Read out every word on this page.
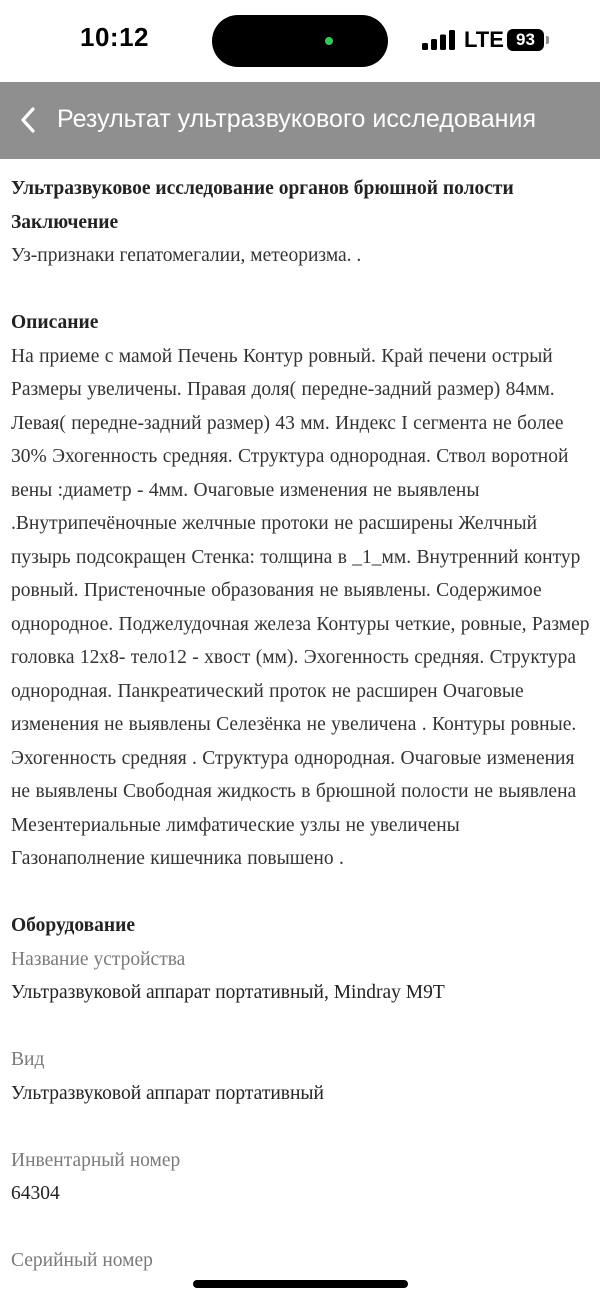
10:12	LTE 93
Результат ультразвукового исследования
Ультразвуковое исследование органов брюшной полости
Заключение
Уз-признаки гепатомегалии, метеоризма. .
Описание
На приеме с мамой Печень Контур ровный. Край печени острый Размеры увеличены. Правая доля( передне-задний размер) 84мм. Левая( передне-задний размер) 43 мм. Индекс I сегмента не более 30% Эхогенность средняя. Структура однородная. Ствол воротной вены :диаметр - 4мм. Очаговые изменения не выявлены .Внутрипечёночные желчные протоки не расширены Желчный пузырь подсокращен Стенка: толщина в _1_мм. Внутренний контур ровный. Пристеночные образования не выявлены. Содержимое однородное. Поджелудочная железа Контуры четкие, ровные, Размер головка 12х8- тело12 - хвост (мм). Эхогенность средняя. Структура однородная. Панкреатический проток не расширен Очаговые изменения не выявлены Селезёнка не увеличена . Контуры ровные. Эхогенность средняя . Структура однородная. Очаговые изменения не выявлены Свободная жидкость в брюшной полости не выявлена Мезентериальные лимфатические узлы не увеличены Газонаполнение кишечника повышено .
Оборудование
Название устройства
Ультразвуковой аппарат портативный, Mindray M9T
Вид
Ультразвуковой аппарат портативный
Инвентарный номер
64304
Серийный номер
